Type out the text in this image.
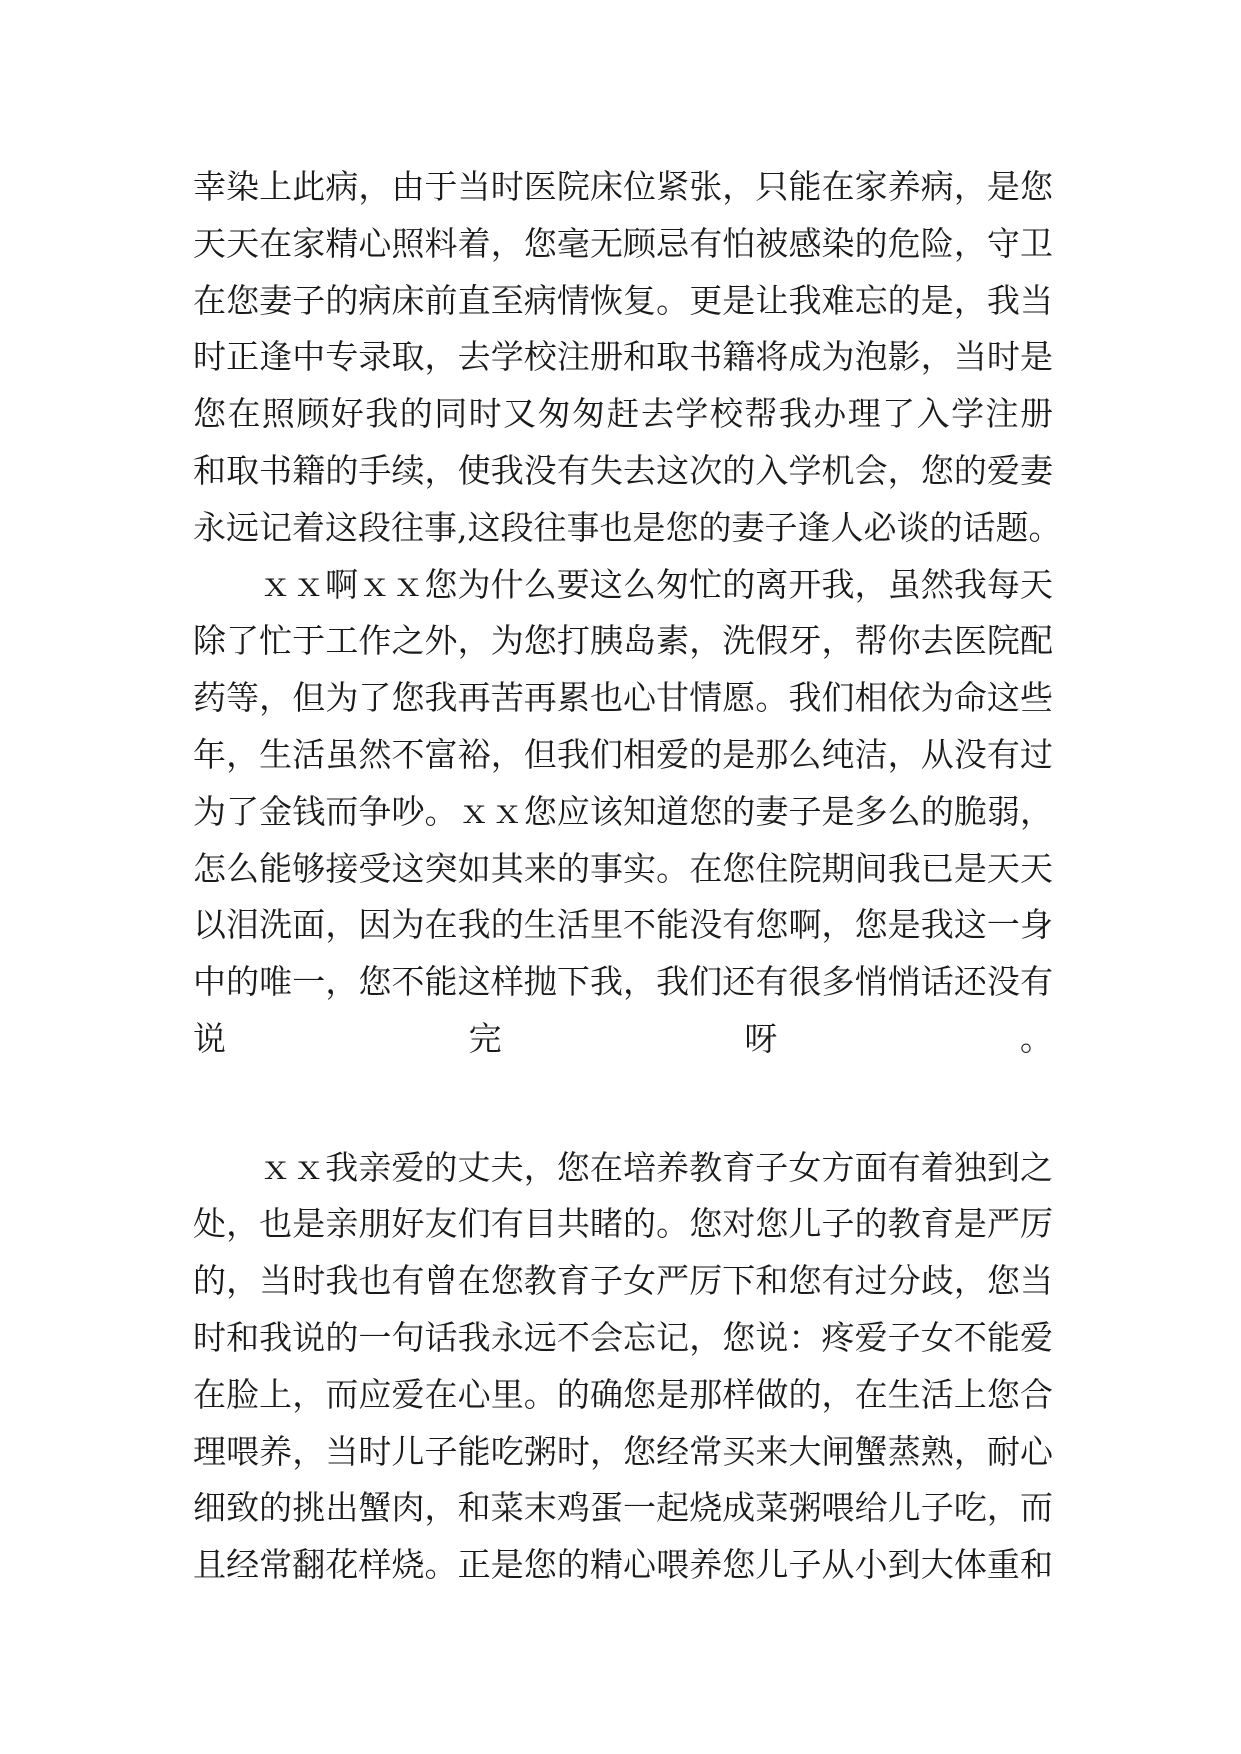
幸染上此病，由于当时医院床位紧张，只能在家养病，是您
天天在家精心照料着，您毫无顾忌有怕被感染的危险，守卫
在您妻子的病床前直至病情恢复。更是让我难忘的是，我当
时正逢中专录取，去学校注册和取书籍将成为泡影，当时是
您在照顾好我的同时又匆匆赶去学校帮我办理了入学注册
和取书籍的手续，使我没有失去这次的入学机会，您的爱妻
永远记着这段往事,这段往事也是您的妻子逢人必谈的话题。
ｘｘ啊ｘｘ您为什么要这么匆忙的离开我，虽然我每天
除了忙于工作之外，为您打胰岛素，洗假牙，帮你去医院配
药等，但为了您我再苦再累也心甘情愿。我们相依为命这些
年，生活虽然不富裕，但我们相爱的是那么纯洁，从没有过
为了金钱而争吵。ｘｘ您应该知道您的妻子是多么的脆弱，
怎么能够接受这突如其来的事实。在您住院期间我已是天天
以泪洗面，因为在我的生活里不能没有您啊，您是我这一身
中的唯一，您不能这样抛下我，我们还有很多悄悄话还没有
说完呀。
ｘｘ我亲爱的丈夫，您在培养教育子女方面有着独到之
处，也是亲朋好友们有目共睹的。您对您儿子的教育是严厉
的，当时我也有曾在您教育子女严厉下和您有过分歧，您当
时和我说的一句话我永远不会忘记，您说：疼爱子女不能爱
在脸上，而应爱在心里。的确您是那样做的，在生活上您合
理喂养，当时儿子能吃粥时，您经常买来大闸蟹蒸熟，耐心
细致的挑出蟹肉，和菜末鸡蛋一起烧成菜粥喂给儿子吃，而
且经常翻花样烧。正是您的精心喂养您儿子从小到大体重和
